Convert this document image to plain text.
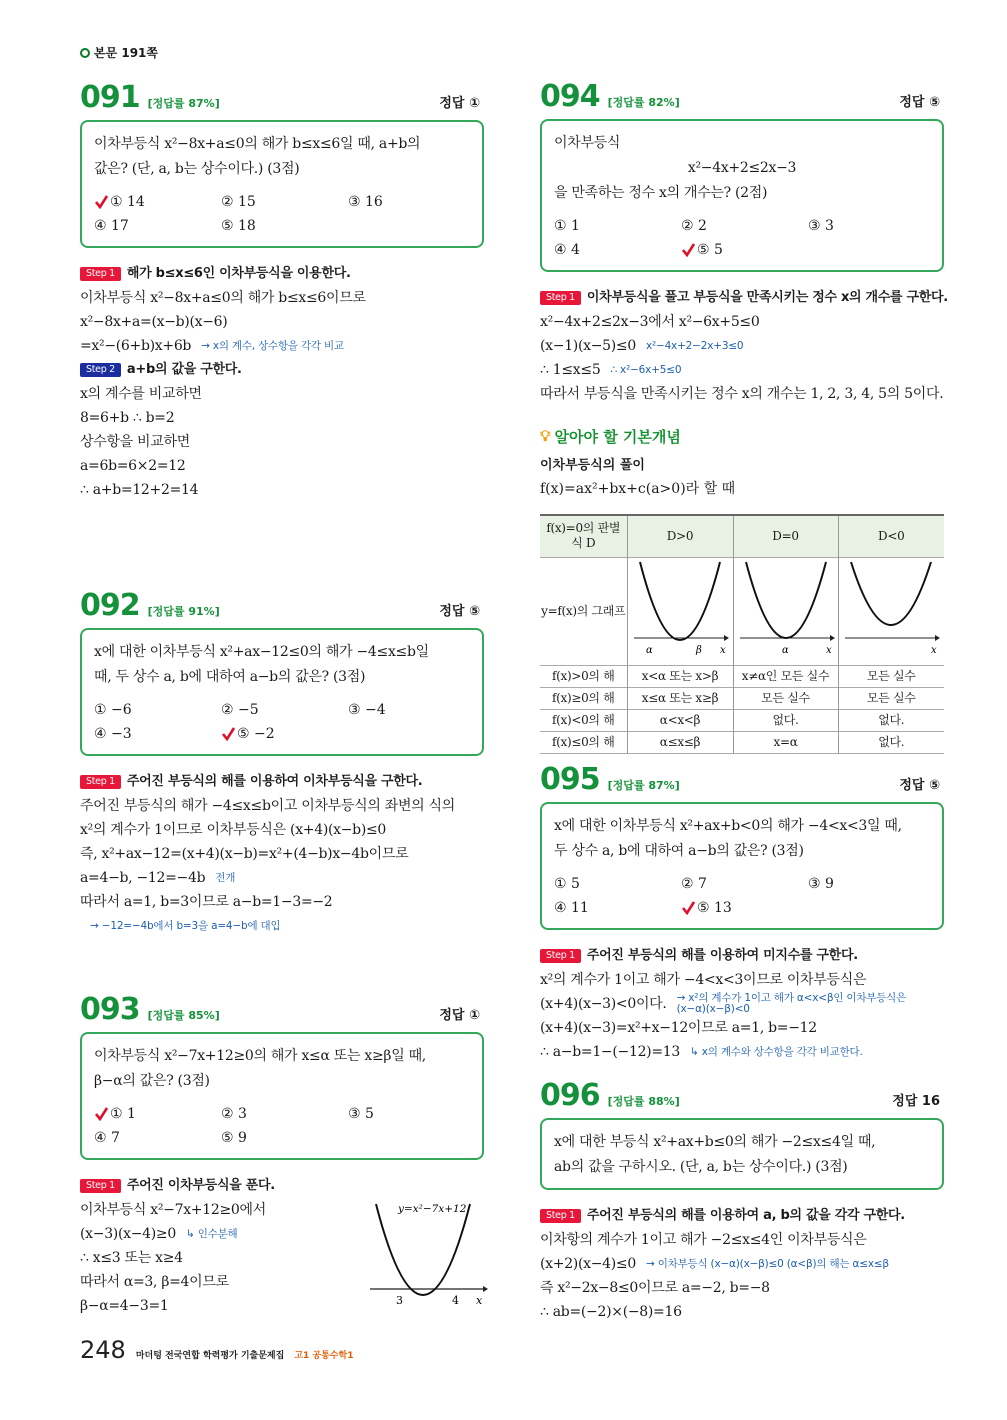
본문 191쪽
091 [정답률 87%]	정답 ①
이차부등식 x²−8x+a≤0의 해가 b≤x≤6일 때, a+b의
값은? (단, a, b는 상수이다.) (3점)
① 14	② 15	③ 16
④ 17	⑤ 18
Step 1 해가 b≤x≤6인 이차부등식을 이용한다.
이차부등식 x²−8x+a≤0의 해가 b≤x≤6이므로
x²−8x+a=(x−b)(x−6)
=x²−(6+b)x+6b → x의 계수, 상수항을 각각 비교
Step 2 a+b의 값을 구한다.
x의 계수를 비교하면
8=6+b ∴ b=2
상수항을 비교하면
a=6b=6×2=12
∴ a+b=12+2=14
092 [정답률 91%]	정답 ⑤
x에 대한 이차부등식 x²+ax−12≤0의 해가 −4≤x≤b일
때, 두 상수 a, b에 대하여 a−b의 값은? (3점)
① −6	② −5	③ −4
④ −3	⑤ −2
Step 1 주어진 부등식의 해를 이용하여 이차부등식을 구한다.
주어진 부등식의 해가 −4≤x≤b이고 이차부등식의 좌변의 식의
x²의 계수가 1이므로 이차부등식은 (x+4)(x−b)≤0
즉, x²+ax−12=(x+4)(x−b)=x²+(4−b)x−4b이므로
a=4−b, −12=−4b 전개
따라서 a=1, b=3이므로 a−b=1−3=−2
→ −12=−4b에서 b=3을 a=4−b에 대입
093 [정답률 85%]	정답 ①
이차부등식 x²−7x+12≥0의 해가 x≤α 또는 x≥β일 때,
β−α의 값은? (3점)
① 1	② 3	③ 5
④ 7	⑤ 9
Step 1 주어진 이차부등식을 푼다.
이차부등식 x²−7x+12≥0에서
(x−3)(x−4)≥0 ↳ 인수분해
∴ x≤3 또는 x≥4
따라서 α=3, β=4이므로
β−α=4−3=1
094 [정답률 82%]	정답 ⑤
이차부등식
x²−4x+2≤2x−3
을 만족하는 정수 x의 개수는? (2점)
① 1	② 2	③ 3
④ 4	⑤ 5
Step 1 이차부등식을 풀고 부등식을 만족시키는 정수 x의 개수를 구한다.
x²−4x+2≤2x−3에서 x²−6x+5≤0
(x−1)(x−5)≤0 x²−4x+2−2x+3≤0
∴ 1≤x≤5 ∴ x²−6x+5≤0
따라서 부등식을 만족시키는 정수 x의 개수는 1, 2, 3, 4, 5의 5이다.
095 [정답률 87%]	정답 ⑤
x에 대한 이차부등식 x²+ax+b<0의 해가 −4<x<3일 때,
두 상수 a, b에 대하여 a−b의 값은? (3점)
① 5	② 7	③ 9
④ 11	⑤ 13
Step 1 주어진 부등식의 해를 이용하여 미지수를 구한다.
x²의 계수가 1이고 해가 −4<x<3이므로 이차부등식은
(x+4)(x−3)<0이다. → x²의 계수가 1이고 해가 α<x<β인 이차부등식은 (x−α)(x−β)<0
(x+4)(x−3)=x²+x−12이므로 a=1, b=−12
∴ a−b=1−(−12)=13 ↳ x의 계수와 상수항을 각각 비교한다.
096 [정답률 88%]	정답 16
x에 대한 부등식 x²+ax+b≤0의 해가 −2≤x≤4일 때,
ab의 값을 구하시오. (단, a, b는 상수이다.) (3점)
Step 1 주어진 부등식의 해를 이용하여 a, b의 값을 각각 구한다.
이차항의 계수가 1이고 해가 −2≤x≤4인 이차부등식은
(x+2)(x−4)≤0 → 이차부등식 (x−α)(x−β)≤0 (α<β)의 해는 α≤x≤β
즉 x²−2x−8≤0이므로 a=−2, b=−8
∴ ab=(−2)×(−8)=16
3	4 x
y=x²−7x+12
💡︎ 알아야 할 기본개념
이차부등식의 풀이
f(x)=ax²+bx+c(a>0)라 할 때
f(x)=0의 판별식 D	D>0	D=0	D<0
y=f(x)의 그래프	α β x	α x	x

f(x)>0의 해	x<α 또는 x>β	x≠α인 모든 실수	모든 실수
f(x)≥0의 해	x≤α 또는 x≥β	모든 실수	모든 실수
f(x)<0의 해	α<x<β	없다.	없다.
f(x)≤0의 해	α≤x≤β	x=α	없다.
248 마더텅 전국연합 학력평가 기출문제집 고1 공통수학1
